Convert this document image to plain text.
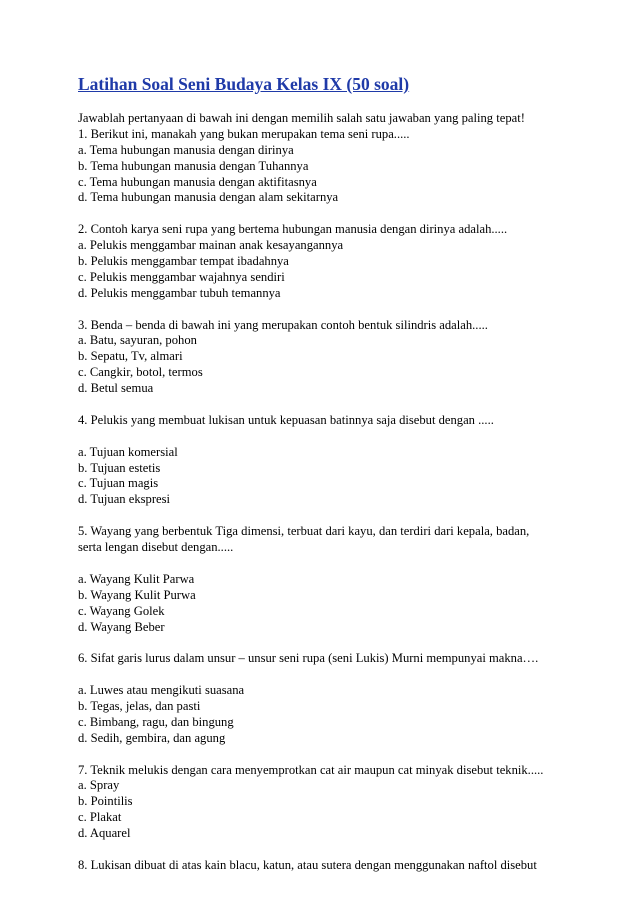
Latihan Soal Seni Budaya Kelas IX (50 soal)
Jawablah pertanyaan di bawah ini dengan memilih salah satu jawaban yang paling tepat!
1. Berikut ini, manakah yang bukan merupakan tema seni rupa.....
a. Tema hubungan manusia dengan dirinya
b. Tema hubungan manusia dengan Tuhannya
c. Tema hubungan manusia dengan aktifitasnya
d. Tema hubungan manusia dengan alam sekitarnya
2. Contoh karya seni rupa yang bertema hubungan manusia dengan dirinya adalah.....
a. Pelukis menggambar mainan anak kesayangannya
b. Pelukis menggambar tempat ibadahnya
c. Pelukis menggambar wajahnya sendiri
d. Pelukis menggambar tubuh temannya
3. Benda – benda di bawah ini yang merupakan contoh bentuk silindris adalah.....
a. Batu, sayuran, pohon
b. Sepatu, Tv, almari
c. Cangkir, botol, termos
d. Betul semua
4. Pelukis yang membuat lukisan untuk kepuasan batinnya saja disebut dengan .....
a. Tujuan komersial
b. Tujuan estetis
c. Tujuan magis
d. Tujuan ekspresi
5. Wayang yang berbentuk Tiga dimensi, terbuat dari kayu, dan terdiri dari kepala, badan,
serta lengan disebut dengan.....
a. Wayang Kulit Parwa
b. Wayang Kulit Purwa
c. Wayang Golek
d. Wayang Beber
6. Sifat garis lurus dalam unsur – unsur seni rupa (seni Lukis) Murni mempunyai makna….
a. Luwes atau mengikuti suasana
b. Tegas, jelas, dan pasti
c. Bimbang, ragu, dan bingung
d. Sedih, gembira, dan agung
7. Teknik melukis dengan cara menyemprotkan cat air maupun cat minyak disebut teknik.....
a. Spray
b. Pointilis
c. Plakat
d. Aquarel
8. Lukisan dibuat di atas kain blacu, katun, atau sutera dengan menggunakan naftol disebut
